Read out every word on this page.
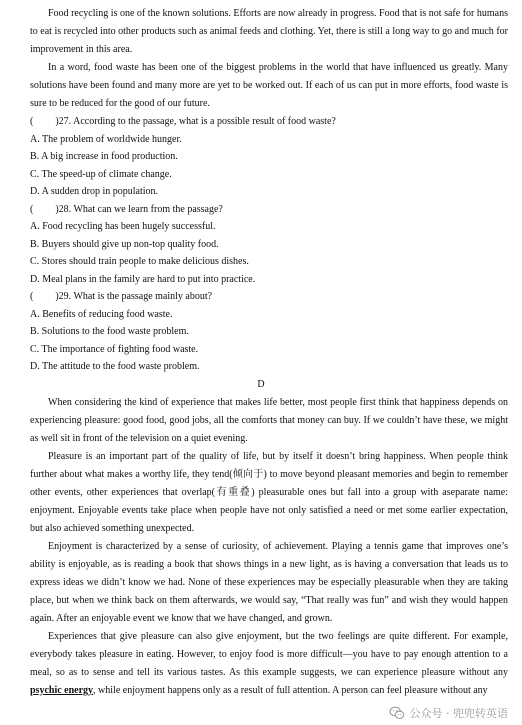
Food recycling is one of the known solutions. Efforts are now already in progress. Food that is not safe for humans to eat is recycled into other products such as animal feeds and clothing. Yet, there is still a long way to go and much for improvement in this area.

In a word, food waste has been one of the biggest problems in the world that have influenced us greatly. Many solutions have been found and many more are yet to be worked out. If each of us can put in more efforts, food waste is sure to be reduced for the good of our future.

( )27. According to the passage, what is a possible result of food waste?

A. The problem of worldwide hunger.

B. A big increase in food production.

C. The speed-up of climate change.

D. A sudden drop in population.

( )28. What can we learn from the passage?

A. Food recycling has been hugely successful.

B. Buyers should give up non-top quality food.

C. Stores should train people to make delicious dishes.

D. Meal plans in the family are hard to put into practice.

( )29. What is the passage mainly about?

A. Benefits of reducing food waste.

B. Solutions to the food waste problem.

C. The importance of fighting food waste.

D. The attitude to the food waste problem.

D

When considering the kind of experience that makes life better, most people first think that happiness depends on experiencing pleasure: good food, good jobs, all the comforts that money can buy. If we couldn’t have these, we might as well sit in front of the television on a quiet evening.

Pleasure is an important part of the quality of life, but by itself it doesn’t bring happiness. When people think further about what makes a worthy life, they tend(倾向于) to move beyond pleasant memories and begin to remember other events, other experiences that overlap(有重叠) pleasurable ones but fall into a group with aseparate name: enjoyment. Enjoyable events take place when people have not only satisfied a need or met some earlier expectation, but also achieved something unexpected.

Enjoyment is characterized by a sense of curiosity, of achievement. Playing a tennis game that improves one’s ability is enjoyable, as is reading a book that shows things in a new light, as is having a conversation that leads us to express ideas we didn’t know we had. None of these experiences may be especially pleasurable when they are taking place, but when we think back on them afterwards, we would say, “That really was fun” and wish they would happen again. After an enjoyable event we know that we have changed, and grown.

Experiences that give pleasure can also give enjoyment, but the two feelings are quite different. For example, everybody takes pleasure in eating. However, to enjoy food is more difficult—you have to pay enough attention to a meal, so as to sense and tell its various tastes. As this example suggests, we can experience pleasure without any psychic energy, while enjoyment happens only as a result of full attention. A person can feel pleasure without any

公众号 · 兜兜转英语
